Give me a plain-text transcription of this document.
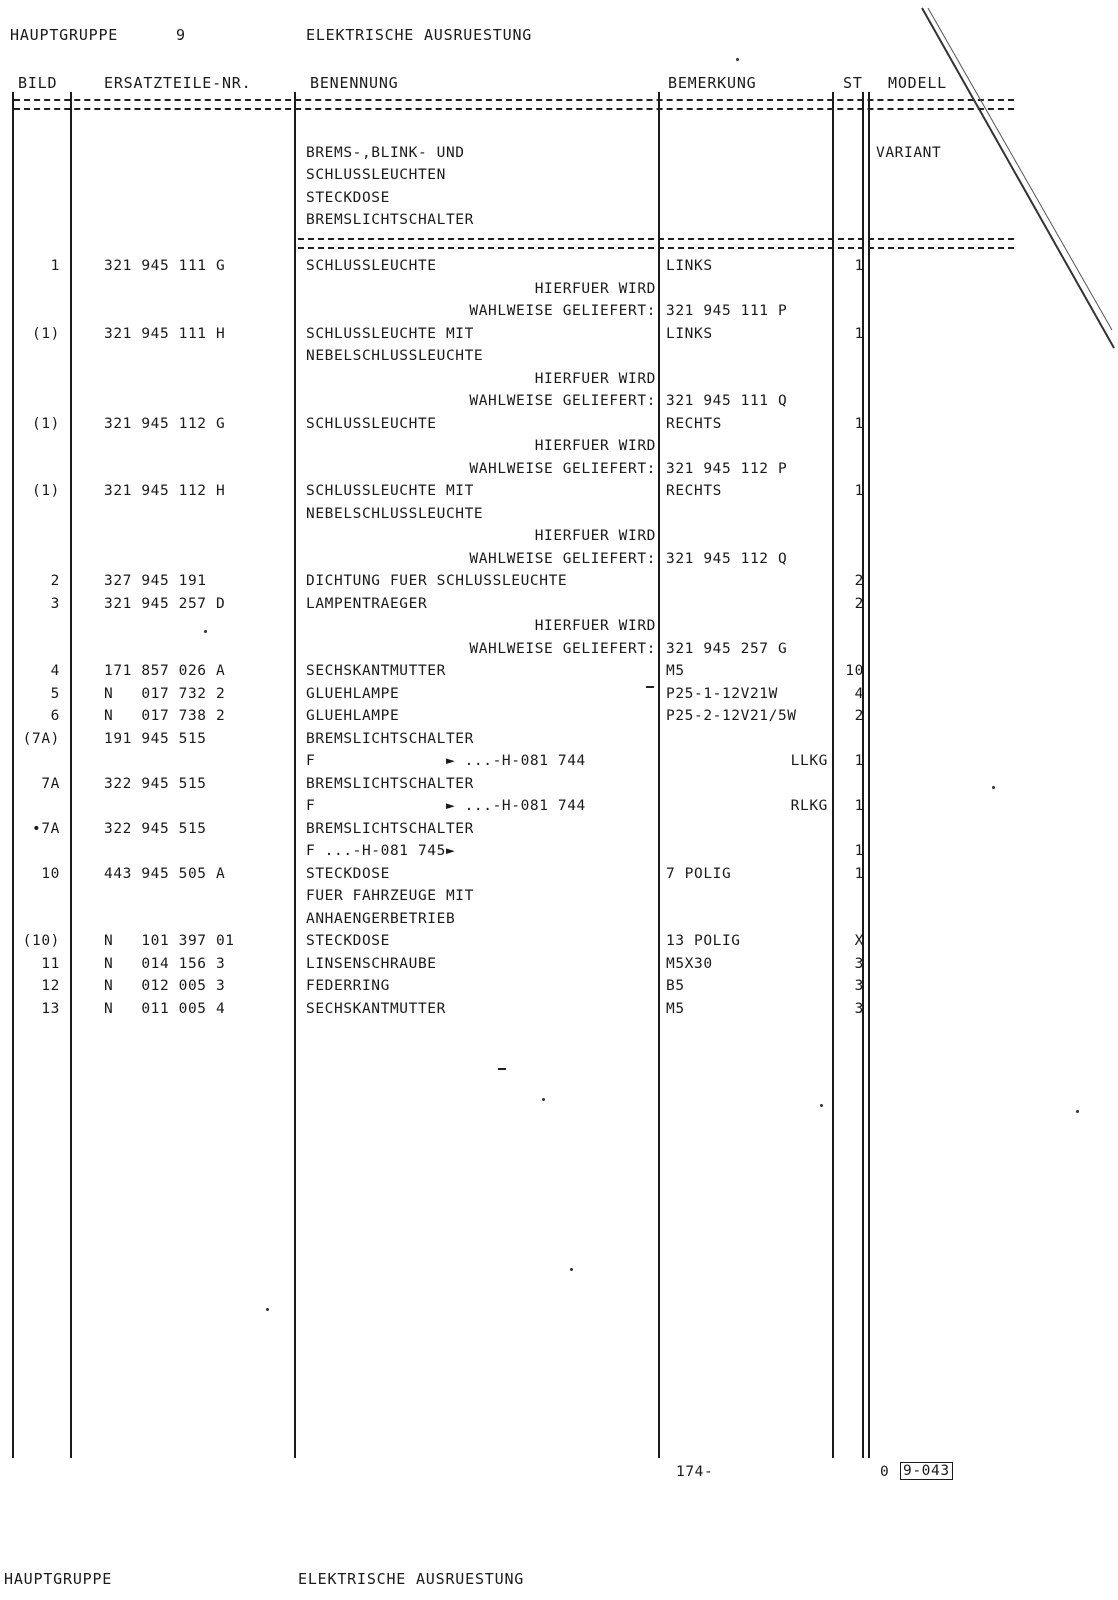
HAUPTGRUPPE	9	ELEKTRISCHE AUSRUESTUNG
BILD	ERSATZTEILE-NR.	BENENNUNG	BEMERKUNG	ST MODELL
BREMS-,BLINK- UND
SCHLUSSLEUCHTEN
STECKDOSE
BREMSLICHTSCHALTER
VARIANT
1	321 945 111 G	SCHLUSSLEUCHTE	LINKS	1
HIERFUER WIRD
WAHLWEISE GELIEFERT: 321 945 111 P
(1)	321 945 111 H	SCHLUSSLEUCHTE MIT	LINKS	1
NEBELSCHLUSSLEUCHTE
HIERFUER WIRD
WAHLWEISE GELIEFERT: 321 945 111 Q
(1)	321 945 112 G	SCHLUSSLEUCHTE	RECHTS	1
HIERFUER WIRD
WAHLWEISE GELIEFERT: 321 945 112 P
(1)	321 945 112 H	SCHLUSSLEUCHTE MIT	RECHTS	1
NEBELSCHLUSSLEUCHTE
HIERFUER WIRD
WAHLWEISE GELIEFERT: 321 945 112 Q
2	327 945 191	DICHTUNG FUER SCHLUSSLEUCHTE	2
3	321 945 257 D	LAMPENTRAEGER	2
HIERFUER WIRD
WAHLWEISE GELIEFERT: 321 945 257 G
4	171 857 026 A	SECHSKANTMUTTER	M5	10
5	N   017 732 2	GLUEHLAMPE	P25-1-12V21W	4
6	N   017 738 2	GLUEHLAMPE	P25-2-12V21/5W	2
(7A)	191 945 515	BREMSLICHTSCHALTER
F              ► ...-H-081 744	LLKG	1
7A	322 945 515	BREMSLICHTSCHALTER
F              ► ...-H-081 744	RLKG	1
•7A	322 945 515	BREMSLICHTSCHALTER
F ...-H-081 745►	1
10	443 945 505 A	STECKDOSE	7 POLIG	1
FUER FAHRZEUGE MIT
ANHAENGERBETRIEB
(10)	N   101 397 01	STECKDOSE	13 POLIG	X
11	N   014 156 3	LINSENSCHRAUBE	M5X30	3
12	N   012 005 3	FEDERRING	B5	3
13	N   011 005 4	SECHSKANTMUTTER	M5	3
174-	0 9-043
HAUPTGRUPPE	ELEKTRISCHE AUSRUESTUNG
